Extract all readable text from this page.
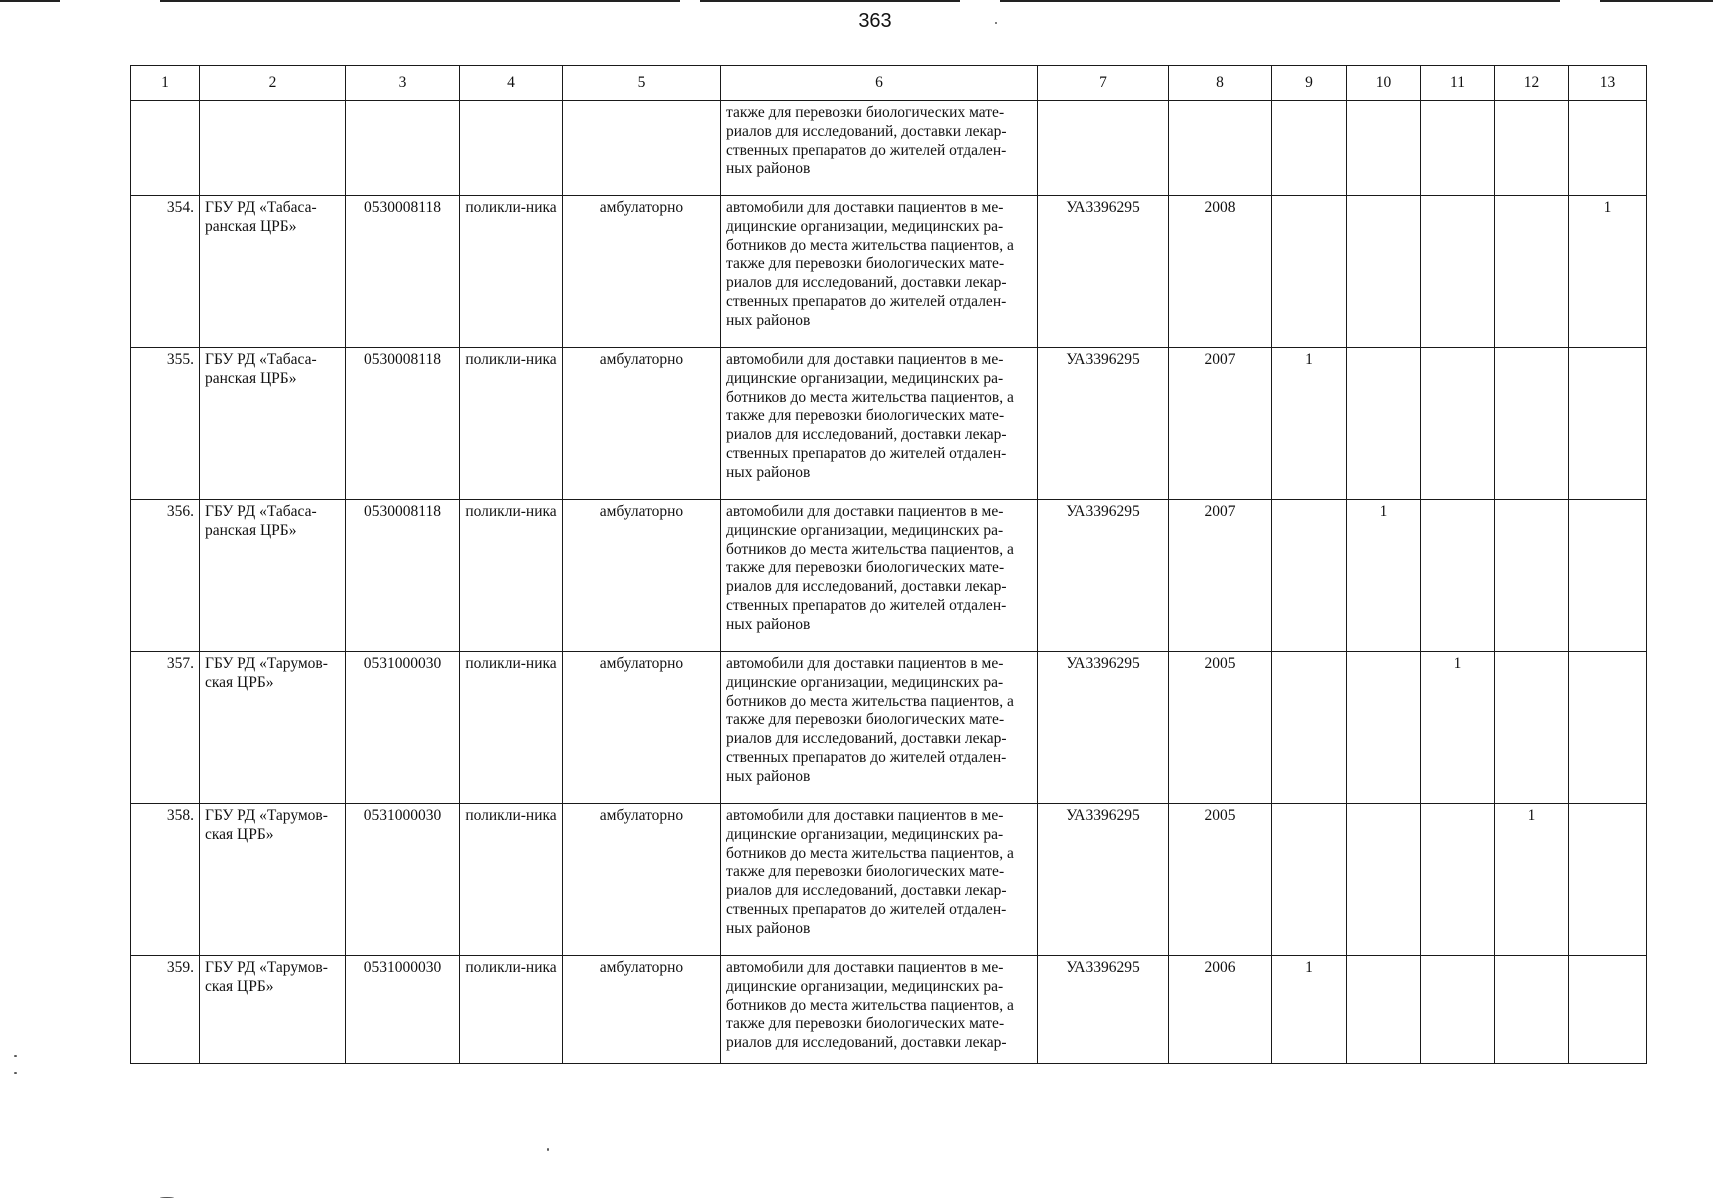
363
1	2	3	4	5	6	7	8	9	10	11	12	13
					также для перевозки биологических мате-риалов для исследований, доставки лекар-ственных препаратов до жителей отдален-ных районов							
354.	ГБУ РД «Табаса-ранская ЦРБ»	0530008118	поликли-ника	амбулаторно	автомобили для доставки пациентов в ме-дицинские организации, медицинских ра-ботников до места жительства пациентов, а также для перевозки биологических мате-риалов для исследований, доставки лекар-ственных препаратов до жителей отдален-ных районов	УА3396295	2008					1
355.	ГБУ РД «Табаса-ранская ЦРБ»	0530008118	поликли-ника	амбулаторно	автомобили для доставки пациентов в ме-дицинские организации, медицинских ра-ботников до места жительства пациентов, а также для перевозки биологических мате-риалов для исследований, доставки лекар-ственных препаратов до жителей отдален-ных районов	УА3396295	2007	1				
356.	ГБУ РД «Табаса-ранская ЦРБ»	0530008118	поликли-ника	амбулаторно	автомобили для доставки пациентов в ме-дицинские организации, медицинских ра-ботников до места жительства пациентов, а также для перевозки биологических мате-риалов для исследований, доставки лекар-ственных препаратов до жителей отдален-ных районов	УА3396295	2007		1			
357.	ГБУ РД «Тарумов-ская ЦРБ»	0531000030	поликли-ника	амбулаторно	автомобили для доставки пациентов в ме-дицинские организации, медицинских ра-ботников до места жительства пациентов, а также для перевозки биологических мате-риалов для исследований, доставки лекар-ственных препаратов до жителей отдален-ных районов	УА3396295	2005			1		
358.	ГБУ РД «Тарумов-ская ЦРБ»	0531000030	поликли-ника	амбулаторно	автомобили для доставки пациентов в ме-дицинские организации, медицинских ра-ботников до места жительства пациентов, а также для перевозки биологических мате-риалов для исследований, доставки лекар-ственных препаратов до жителей отдален-ных районов	УА3396295	2005				1	
359.	ГБУ РД «Тарумов-ская ЦРБ»	0531000030	поликли-ника	амбулаторно	автомобили для доставки пациентов в ме-дицинские организации, медицинских ра-ботников до места жительства пациентов, а также для перевозки биологических мате-риалов для исследований, доставки лекар-	УА3396295	2006	1				
